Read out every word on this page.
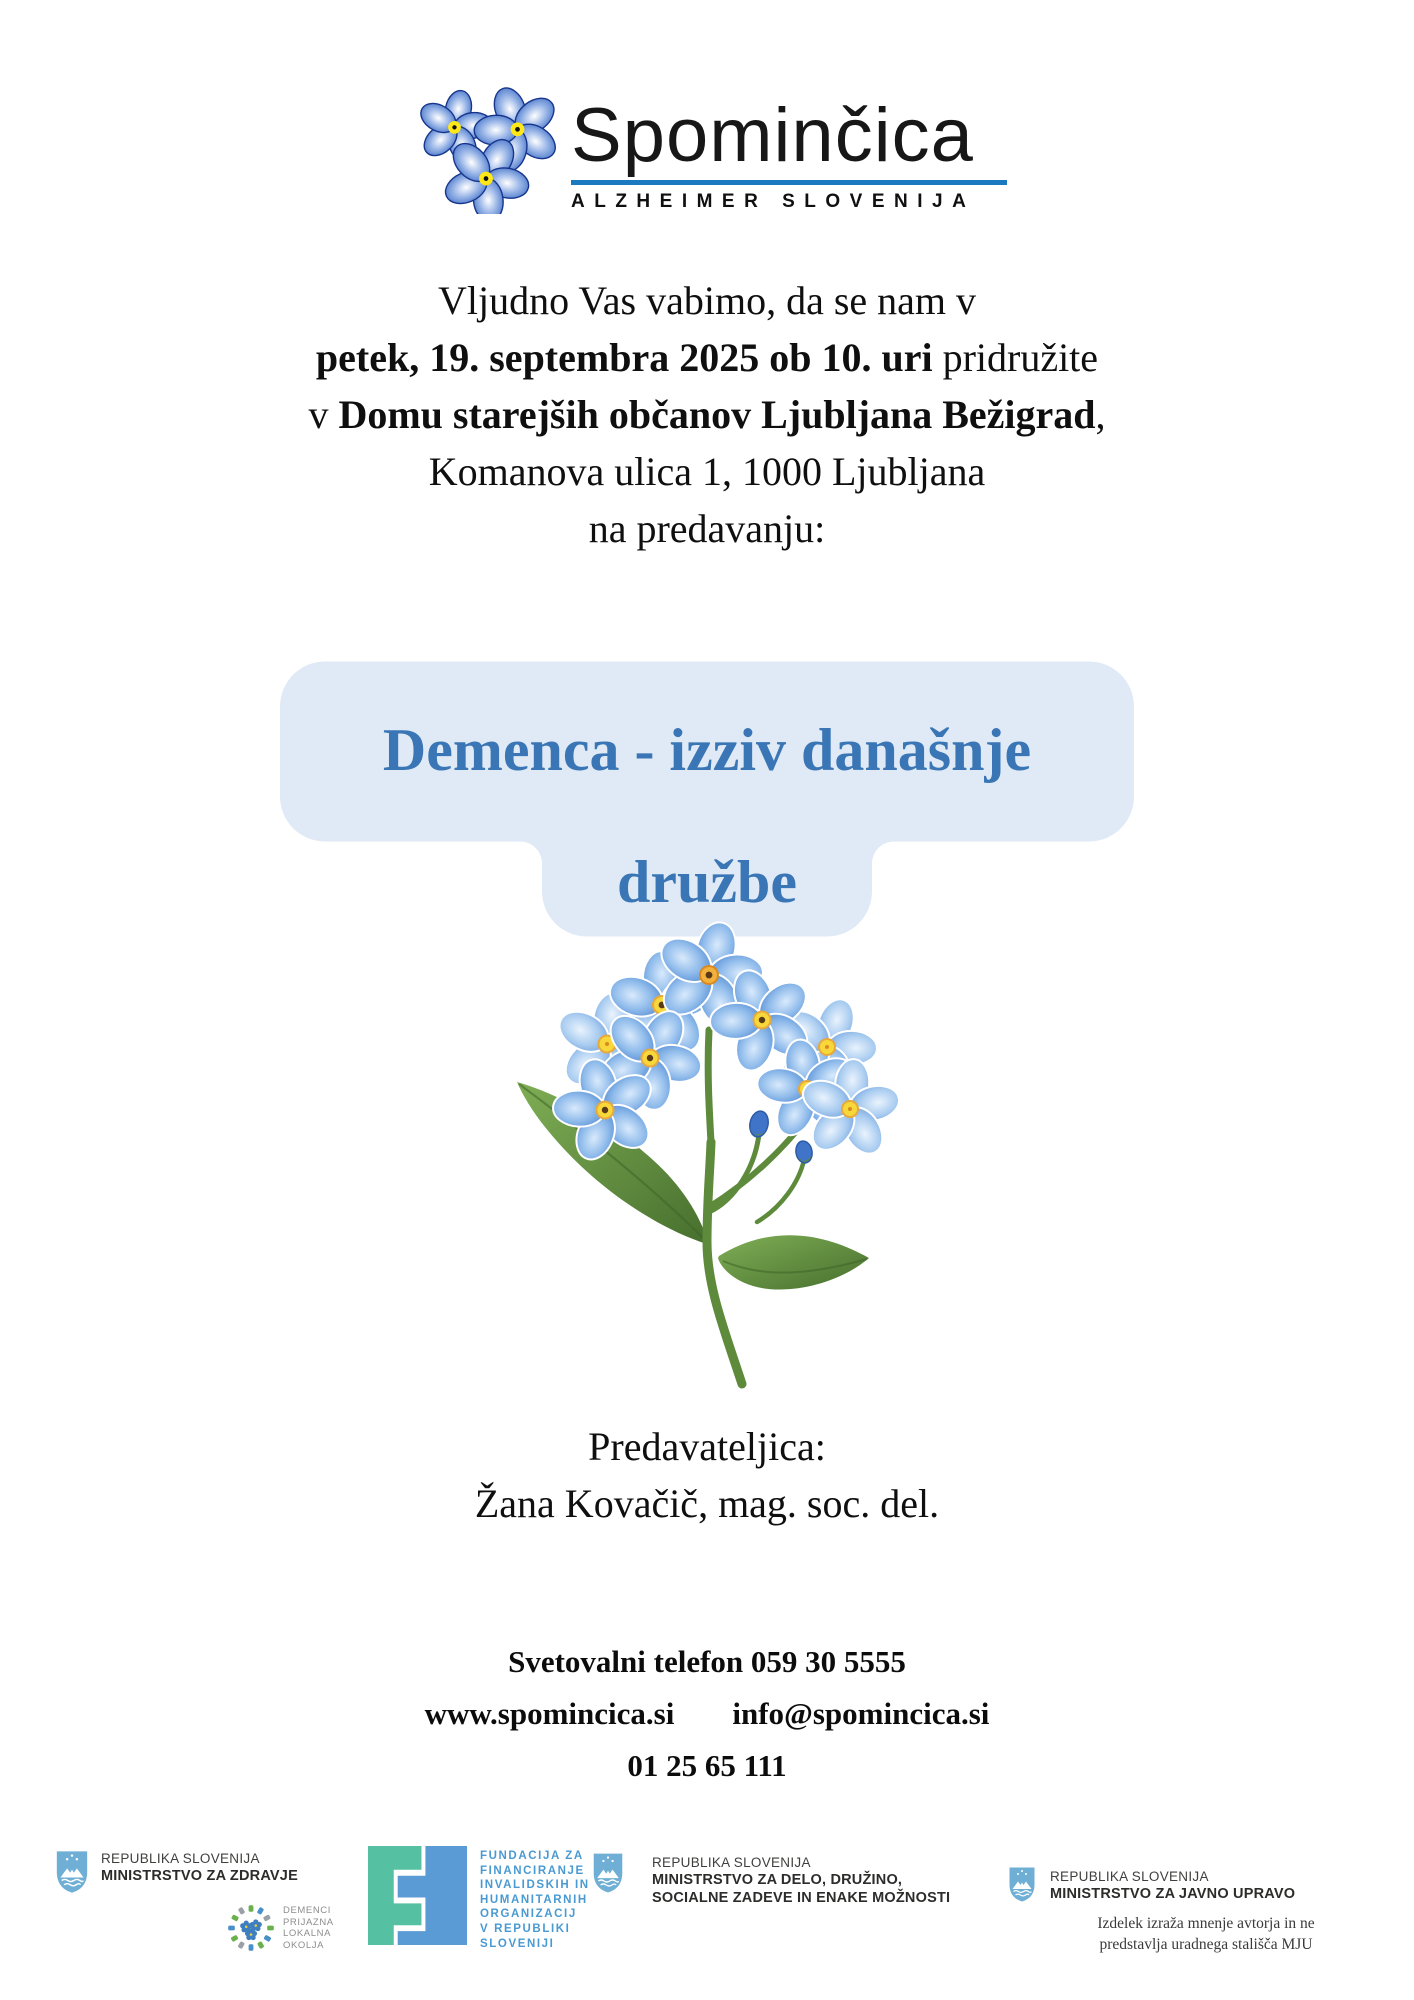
Spominčica
ALZHEIMER SLOVENIJA
Vljudno Vas vabimo, da se nam v
petek, 19. septembra 2025 ob 10. uri pridružite
v Domu starejših občanov Ljubljana Bežigrad,
Komanova ulica 1, 1000 Ljubljana
na predavanju:
Demenca - izziv današnje
družbe
Predavateljica:
Žana Kovačič, mag. soc. del.
Svetovalni telefon 059 30 5555
www.spomincica.si info@spomincica.si
01 25 65 111
REPUBLIKA SLOVENIJA
MINISTRSTVO ZA ZDRAVJE
DEMENCI
PRIJAZNA
LOKALNA
OKOLJA
FUNDACIJA ZA
FINANCIRANJE
INVALIDSKIH IN
HUMANITARNIH
ORGANIZACIJ
V REPUBLIKI
SLOVENIJI
REPUBLIKA SLOVENIJA
MINISTRSTVO ZA DELO, DRUŽINO,
SOCIALNE ZADEVE IN ENAKE MOŽNOSTI
REPUBLIKA SLOVENIJA
MINISTRSTVO ZA JAVNO UPRAVO
Izdelek izraža mnenje avtorja in ne
predstavlja uradnega stališča MJU
